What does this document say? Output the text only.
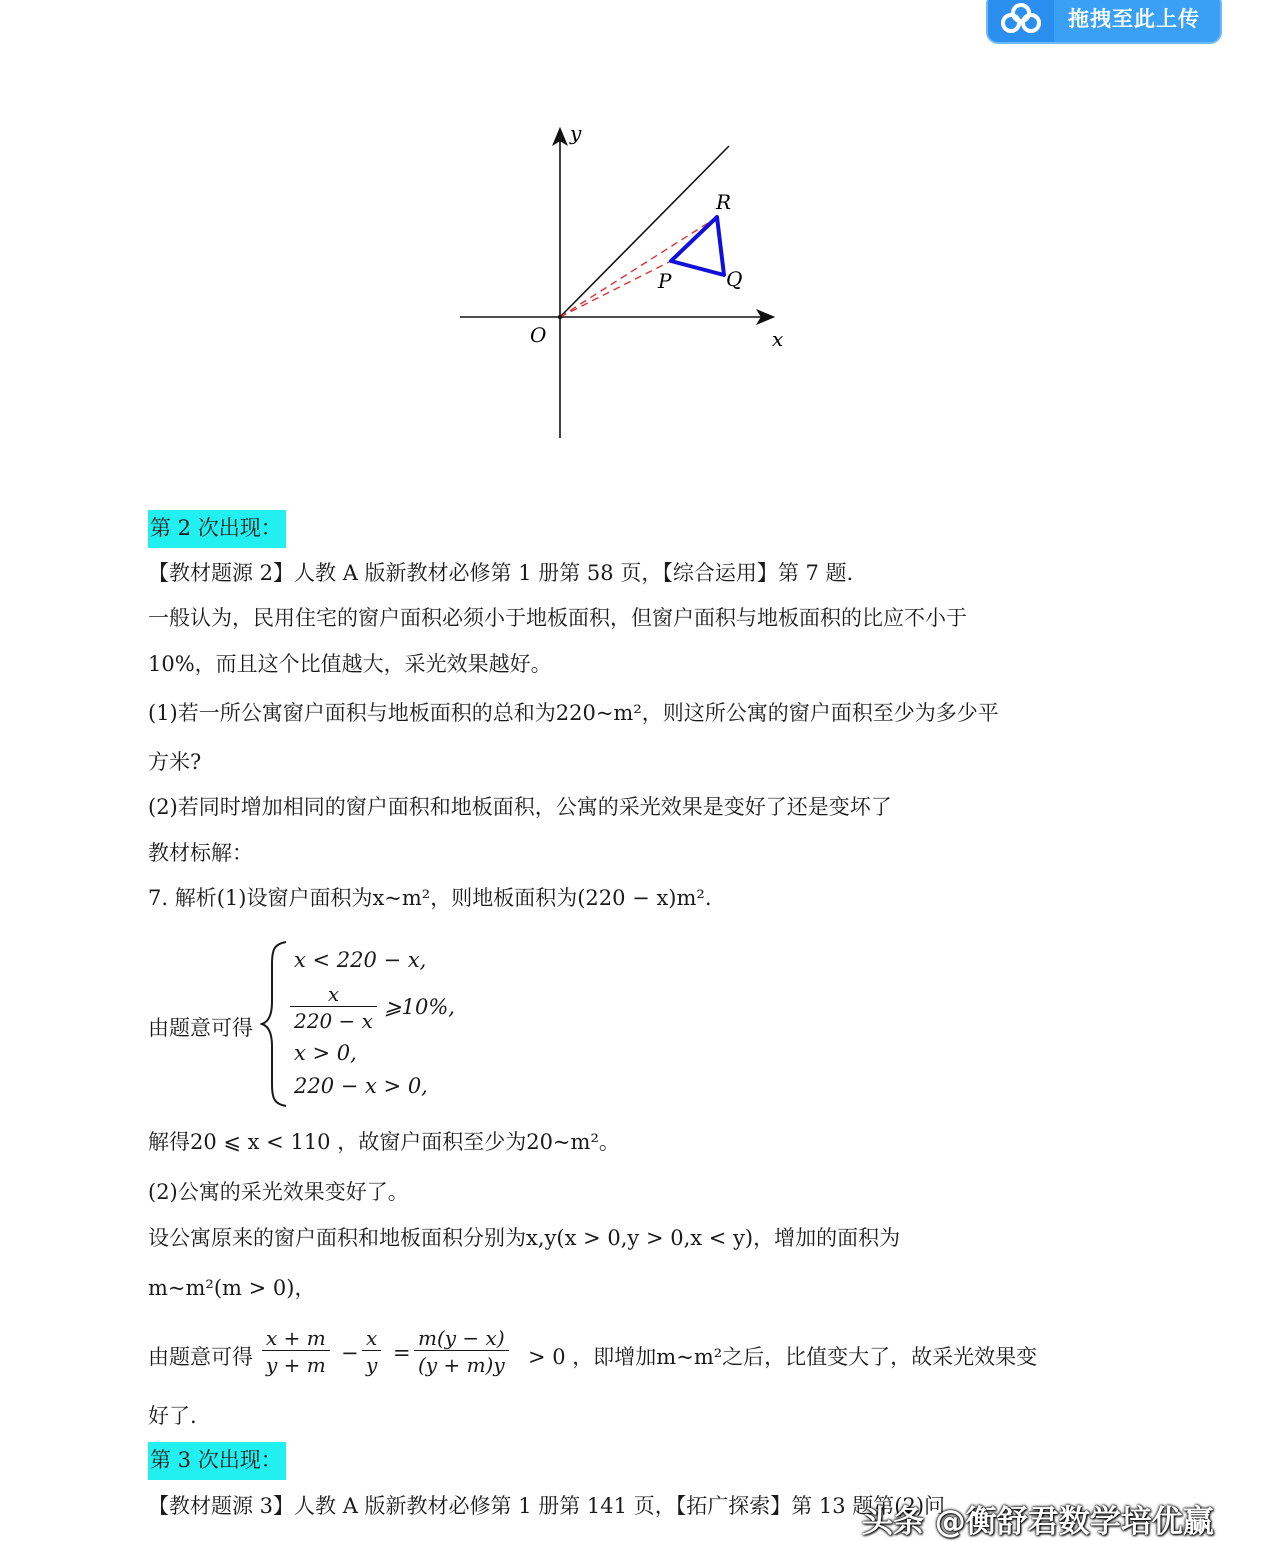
拖拽至此上传
y
x
O
R
P	Q
第 2 次出现：
【教材题源 2】人教 A 版新教材必修第 1 册第 58 页，【综合运用】第 7 题.
一般认为，民用住宅的窗户面积必须小于地板面积，但窗户面积与地板面积的比应不小于
10%，而且这个比值越大，采光效果越好。
(1)若一所公寓窗户面积与地板面积的总和为220~m²，则这所公寓的窗户面积至少为多少平
方米?
(2)若同时增加相同的窗户面积和地板面积，公寓的采光效果是变好了还是变坏了
教材标解：
7. 解析(1)设窗户面积为x~m²，则地板面积为(220 − x)m².
由题意可得
x < 220 − x,
$\frac{x}{220 - x}$ ⩾10%,
x > 0,
220 − x > 0,
解得20 ⩽ x < 110 ，故窗户面积至少为20~m²。
(2)公寓的采光效果变好了。
设公寓原来的窗户面积和地板面积分别为x,y(x > 0,y > 0,x < y)，增加的面积为
m~m²(m > 0)，
由题意可得 $\frac{x + m}{y + m} - \frac{x}{y} = \frac{m(y - x)}{(y + m)y} > 0$ ，即增加m~m²之后，比值变大了，故采光效果变
好了.
第 3 次出现：
【教材题源 3】人教 A 版新教材必修第 1 册第 141 页，【拓广探索】第 13 题第(2)问.
头条 @衡舒君数学培优赢
